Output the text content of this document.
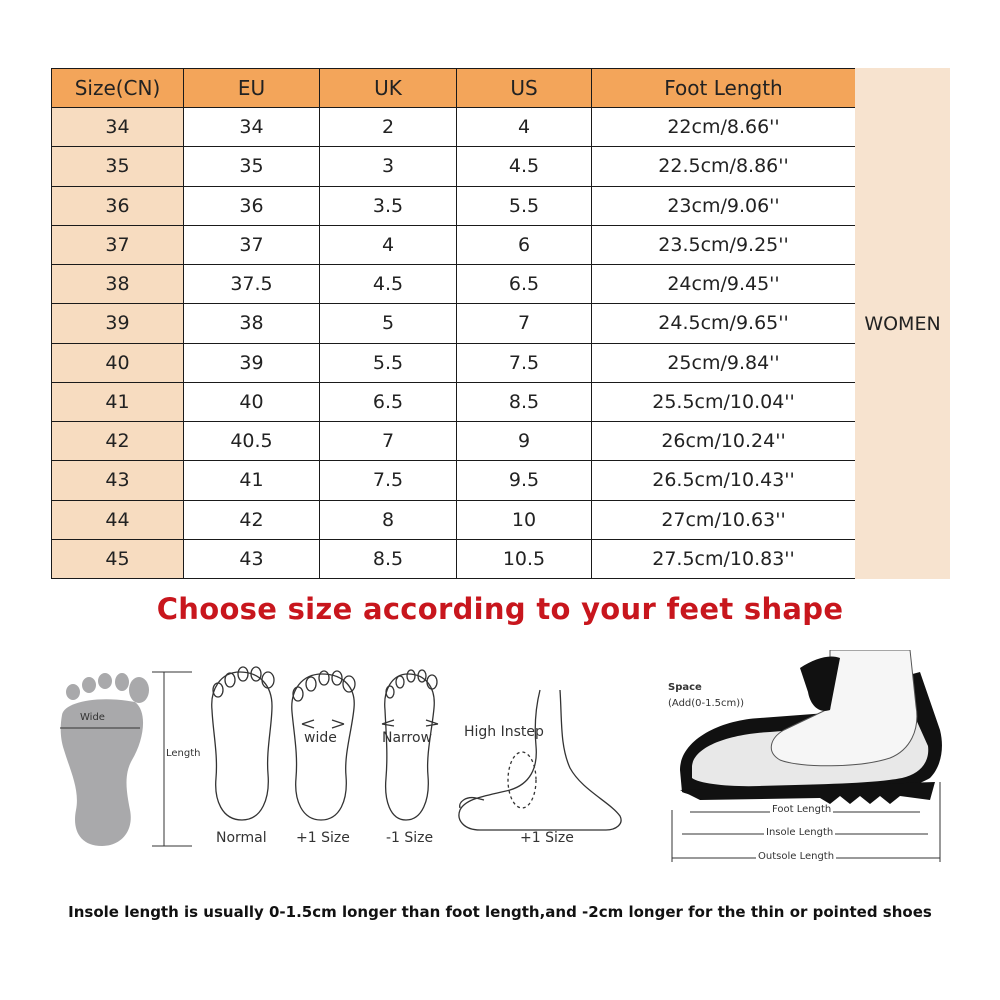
Size(CN)	EU	UK	US	Foot Length
34	34	2	4	22cm/8.66''
35	35	3	4.5	22.5cm/8.86''
36	36	3.5	5.5	23cm/9.06''
37	37	4	6	23.5cm/9.25''
38	37.5	4.5	6.5	24cm/9.45''
39	38	5	7	24.5cm/9.65''
40	39	5.5	7.5	25cm/9.84''
41	40	6.5	8.5	25.5cm/10.04''
42	40.5	7	9	26cm/10.24''
43	41	7.5	9.5	26.5cm/10.43''
44	42	8	10	27cm/10.63''
45	43	8.5	10.5	27.5cm/10.83''
WOMEN
Choose size according to your feet shape
Wide
Length
Normal
wide
+1 Size
Narrow
-1 Size
High Instep
+1 Size
Space
(Add(0-1.5cm))
Foot Length
Insole Length
Outsole Length
Insole length is usually 0-1.5cm longer than foot length,and -2cm longer for the thin or pointed shoes
